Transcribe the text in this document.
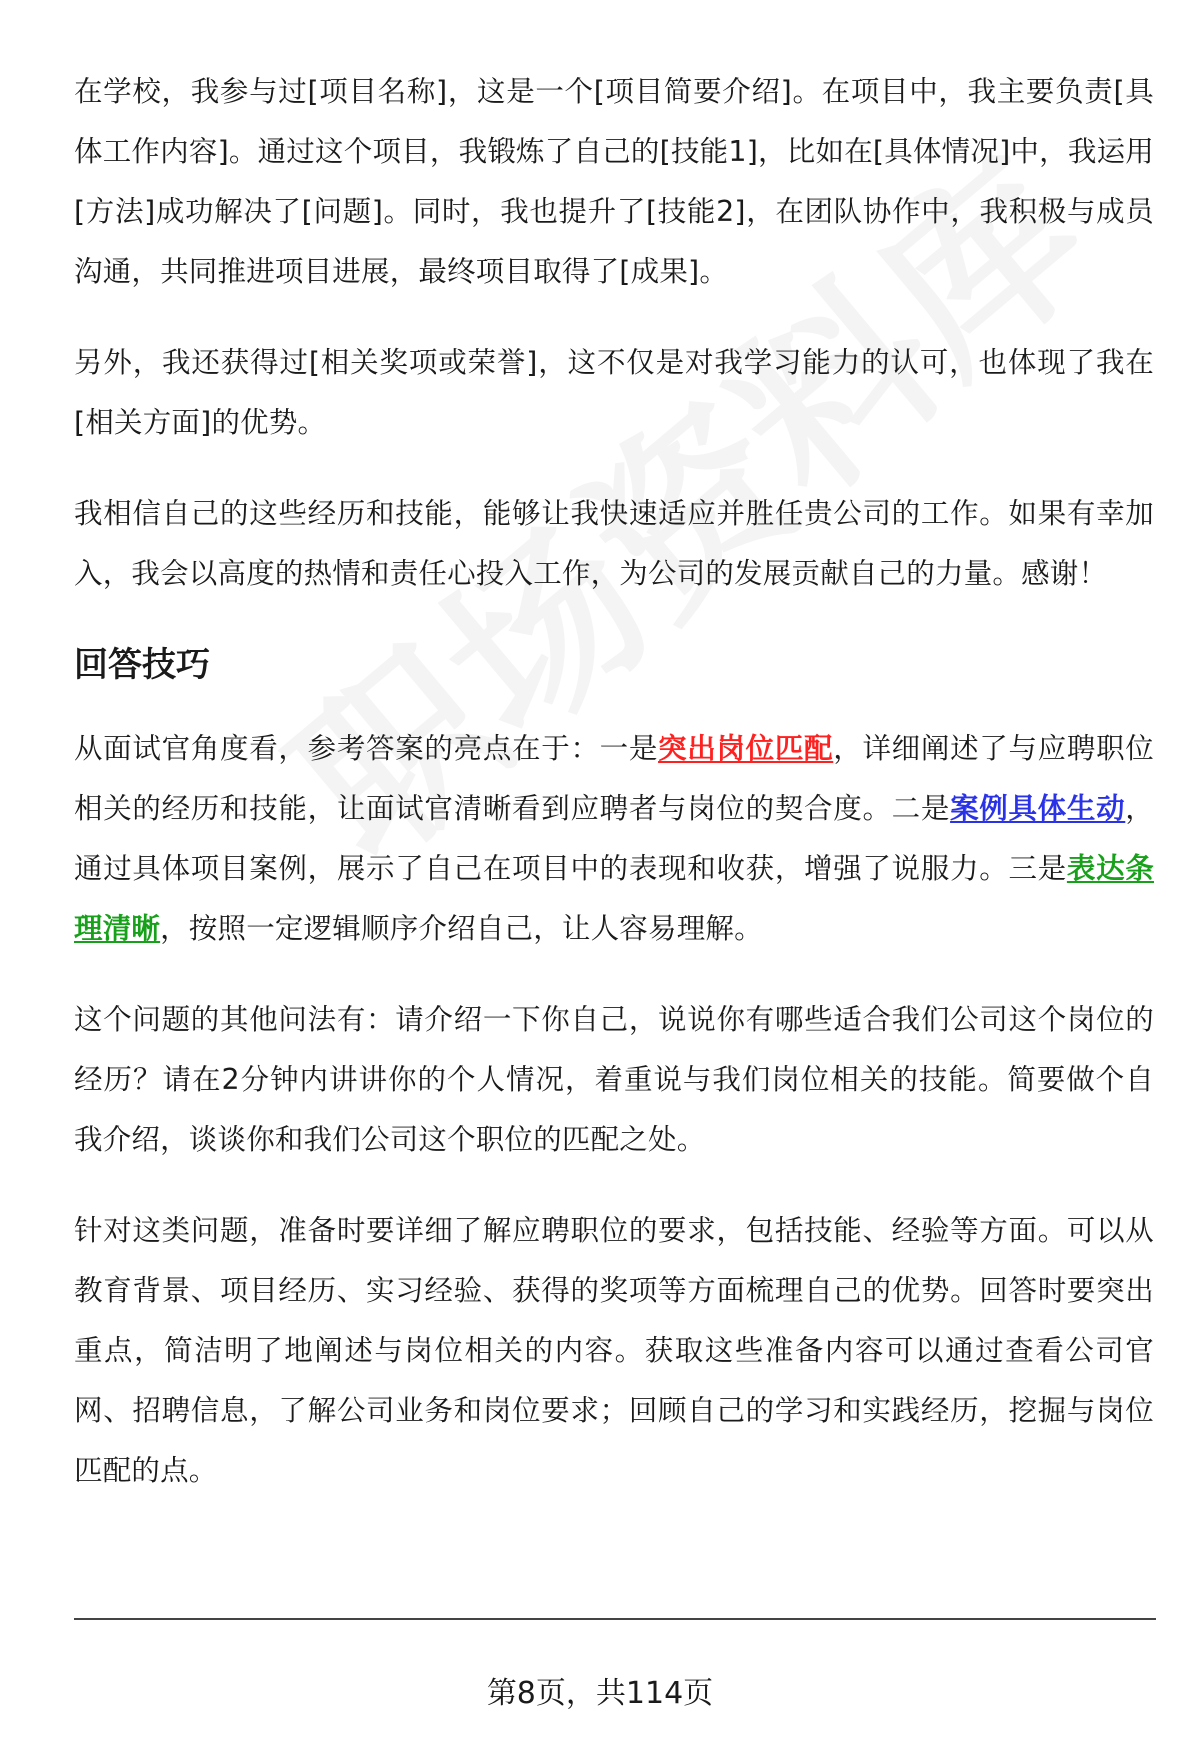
在学校，我参与过[项目名称]，这是一个[项目简要介绍]。在项目中，我主要负责[具体工作内容]。通过这个项目，我锻炼了自己的[技能1]，比如在[具体情况]中，我运用[方法]成功解决了[问题]。同时，我也提升了[技能2]，在团队协作中，我积极与成员沟通，共同推进项目进展，最终项目取得了[成果]。

另外，我还获得过[相关奖项或荣誉]，这不仅是对我学习能力的认可，也体现了我在[相关方面]的优势。

我相信自己的这些经历和技能，能够让我快速适应并胜任贵公司的工作。如果有幸加入，我会以高度的热情和责任心投入工作，为公司的发展贡献自己的力量。感谢！

回答技巧

从面试官角度看，参考答案的亮点在于：一是突出岗位匹配，详细阐述了与应聘职位相关的经历和技能，让面试官清晰看到应聘者与岗位的契合度。二是案例具体生动，通过具体项目案例，展示了自己在项目中的表现和收获，增强了说服力。三是表达条理清晰，按照一定逻辑顺序介绍自己，让人容易理解。

这个问题的其他问法有：请介绍一下你自己，说说你有哪些适合我们公司这个岗位的经历？请在2分钟内讲讲你的个人情况，着重说与我们岗位相关的技能。简要做个自我介绍，谈谈你和我们公司这个职位的匹配之处。

针对这类问题，准备时要详细了解应聘职位的要求，包括技能、经验等方面。可以从教育背景、项目经历、实习经验、获得的奖项等方面梳理自己的优势。回答时要突出重点，简洁明了地阐述与岗位相关的内容。获取这些准备内容可以通过查看公司官网、招聘信息，了解公司业务和岗位要求；回顾自己的学习和实践经历，挖掘与岗位匹配的点。

第8页，共114页
